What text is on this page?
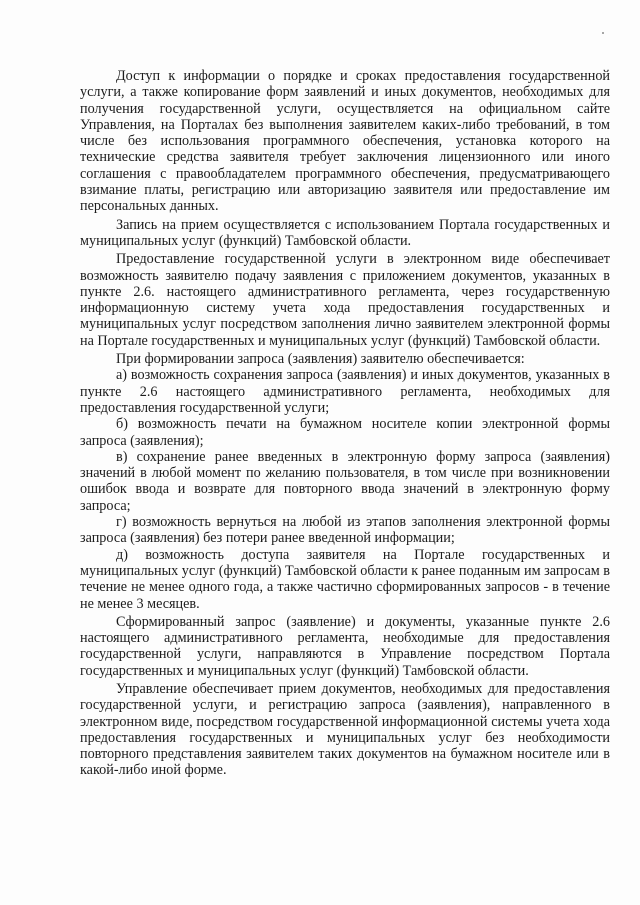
Доступ к информации о порядке и сроках предоставления государственной услуги, а также копирование форм заявлений и иных документов, необходимых для получения государственной услуги, осуществляется на официальном сайте Управления, на Порталах без выполнения заявителем каких-либо требований, в том числе без использования программного обеспечения, установка которого на технические средства заявителя требует заключения лицензионного или иного соглашения с правообладателем программного обеспечения, предусматривающего взимание платы, регистрацию или авторизацию заявителя или предоставление им персональных данных.

Запись на прием осуществляется с использованием Портала государственных и муниципальных услуг (функций) Тамбовской области.

Предоставление государственной услуги в электронном виде обеспечивает возможность заявителю подачу заявления с приложением документов, указанных в пункте 2.6. настоящего административного регламента, через государственную информационную систему учета хода предоставления государственных и муниципальных услуг посредством заполнения лично заявителем электронной формы на Портале государственных и муниципальных услуг (функций) Тамбовской области.

При формировании запроса (заявления) заявителю обеспечивается:

а) возможность сохранения запроса (заявления) и иных документов, указанных в пункте 2.6 настоящего административного регламента, необходимых для предоставления государственной услуги;

б) возможность печати на бумажном носителе копии электронной формы запроса (заявления);

в) сохранение ранее введенных в электронную форму запроса (заявления) значений в любой момент по желанию пользователя, в том числе при возникновении ошибок ввода и возврате для повторного ввода значений в электронную форму запроса;

г) возможность вернуться на любой из этапов заполнения электронной формы запроса (заявления) без потери ранее введенной информации;

д) возможность доступа заявителя на Портале государственных и муниципальных услуг (функций) Тамбовской области к ранее поданным им запросам в течение не менее одного года, а также частично сформированных запросов - в течение не менее 3 месяцев.

Сформированный запрос (заявление) и документы, указанные пункте 2.6 настоящего административного регламента, необходимые для предоставления государственной услуги, направляются в Управление посредством Портала государственных и муниципальных услуг (функций) Тамбовской области.

Управление обеспечивает прием документов, необходимых для предоставления государственной услуги, и регистрацию запроса (заявления), направленного в электронном виде, посредством государственной информационной системы учета хода предоставления государственных и муниципальных услуг без необходимости повторного представления заявителем таких документов на бумажном носителе или в какой-либо иной форме.
